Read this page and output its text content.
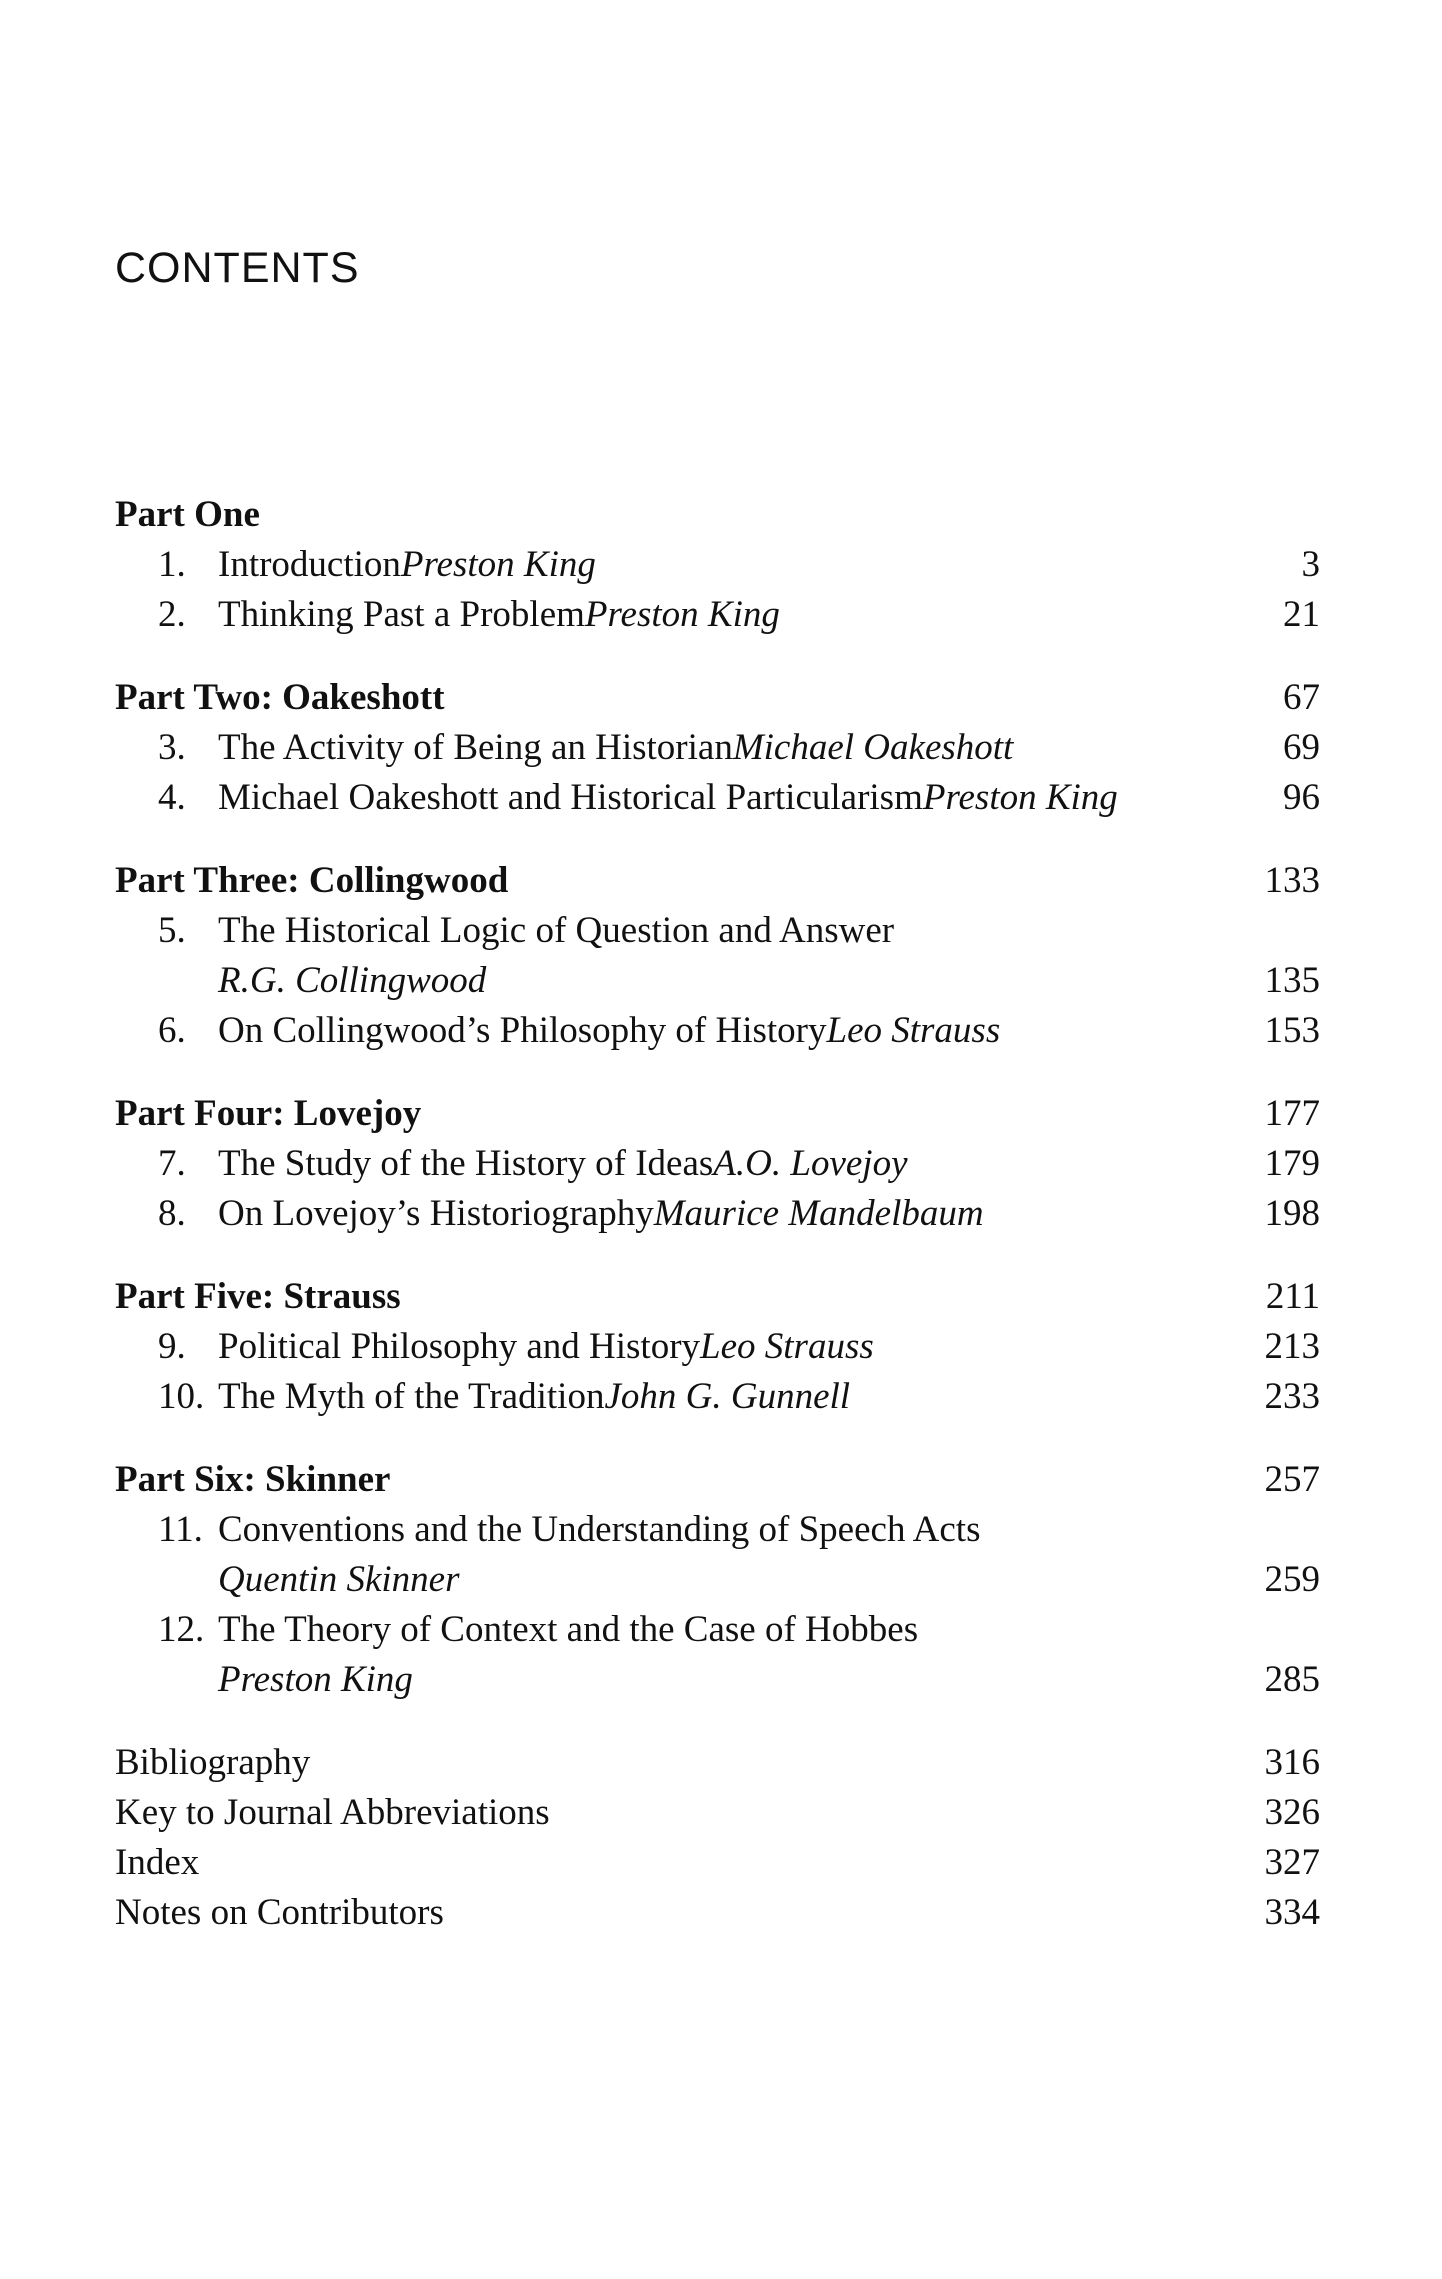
CONTENTS
Part One
1. IntroductionPreston King	3
2. Thinking Past a ProblemPreston King	21
Part Two: Oakeshott	67
3. The Activity of Being an HistorianMichael Oakeshott	69
4. Michael Oakeshott and Historical ParticularismPreston King	96
Part Three: Collingwood	133
5. The Historical Logic of Question and Answer
R.G. Collingwood	135
6. On Collingwood’s Philosophy of HistoryLeo Strauss	153
Part Four: Lovejoy	177
7. The Study of the History of IdeasA.O. Lovejoy	179
8. On Lovejoy’s HistoriographyMaurice Mandelbaum	198
Part Five: Strauss	211
9. Political Philosophy and HistoryLeo Strauss	213
10. The Myth of the TraditionJohn G. Gunnell	233
Part Six: Skinner	257
11. Conventions and the Understanding of Speech Acts
Quentin Skinner	259
12. The Theory of Context and the Case of Hobbes
Preston King	285
Bibliography	316
Key to Journal Abbreviations	326
Index	327
Notes on Contributors	334
